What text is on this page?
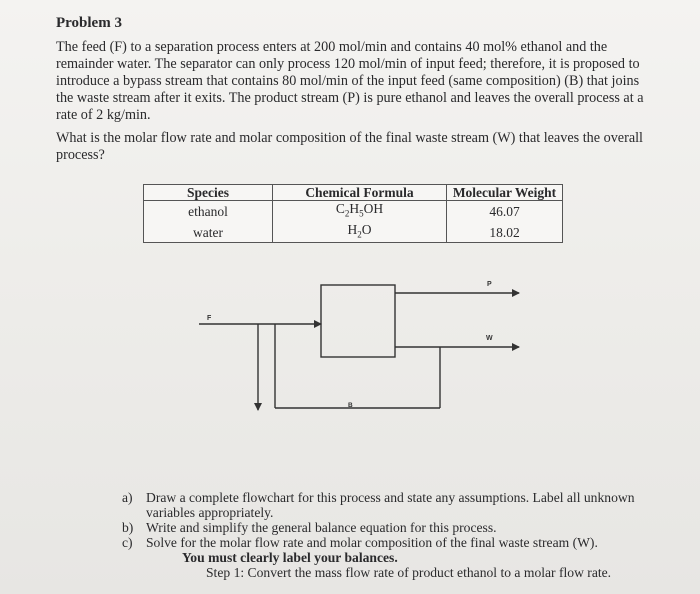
Problem 3
The feed (F) to a separation process enters at 200 mol/min and contains 40 mol% ethanol and the remainder water. The separator can only process 120 mol/min of input feed; therefore, it is proposed to introduce a bypass stream that contains 80 mol/min of the input feed (same composition) (B) that joins the waste stream after it exits. The product stream (P) is pure ethanol and leaves the overall process at a rate of 2 kg/min.
What is the molar flow rate and molar composition of the final waste stream (W) that leaves the overall process?
Species	Chemical Formula	Molecular Weight
ethanol	$C_2H_5OH$	46.07
water	$H_2O$	18.02
F
P
W
B
a) Draw a complete flowchart for this process and state any assumptions. Label all unknown variables appropriately.
b) Write and simplify the general balance equation for this process.
c) Solve for the molar flow rate and molar composition of the final waste stream (W).
You must clearly label your balances.
Step 1: Convert the mass flow rate of product ethanol to a molar flow rate.
